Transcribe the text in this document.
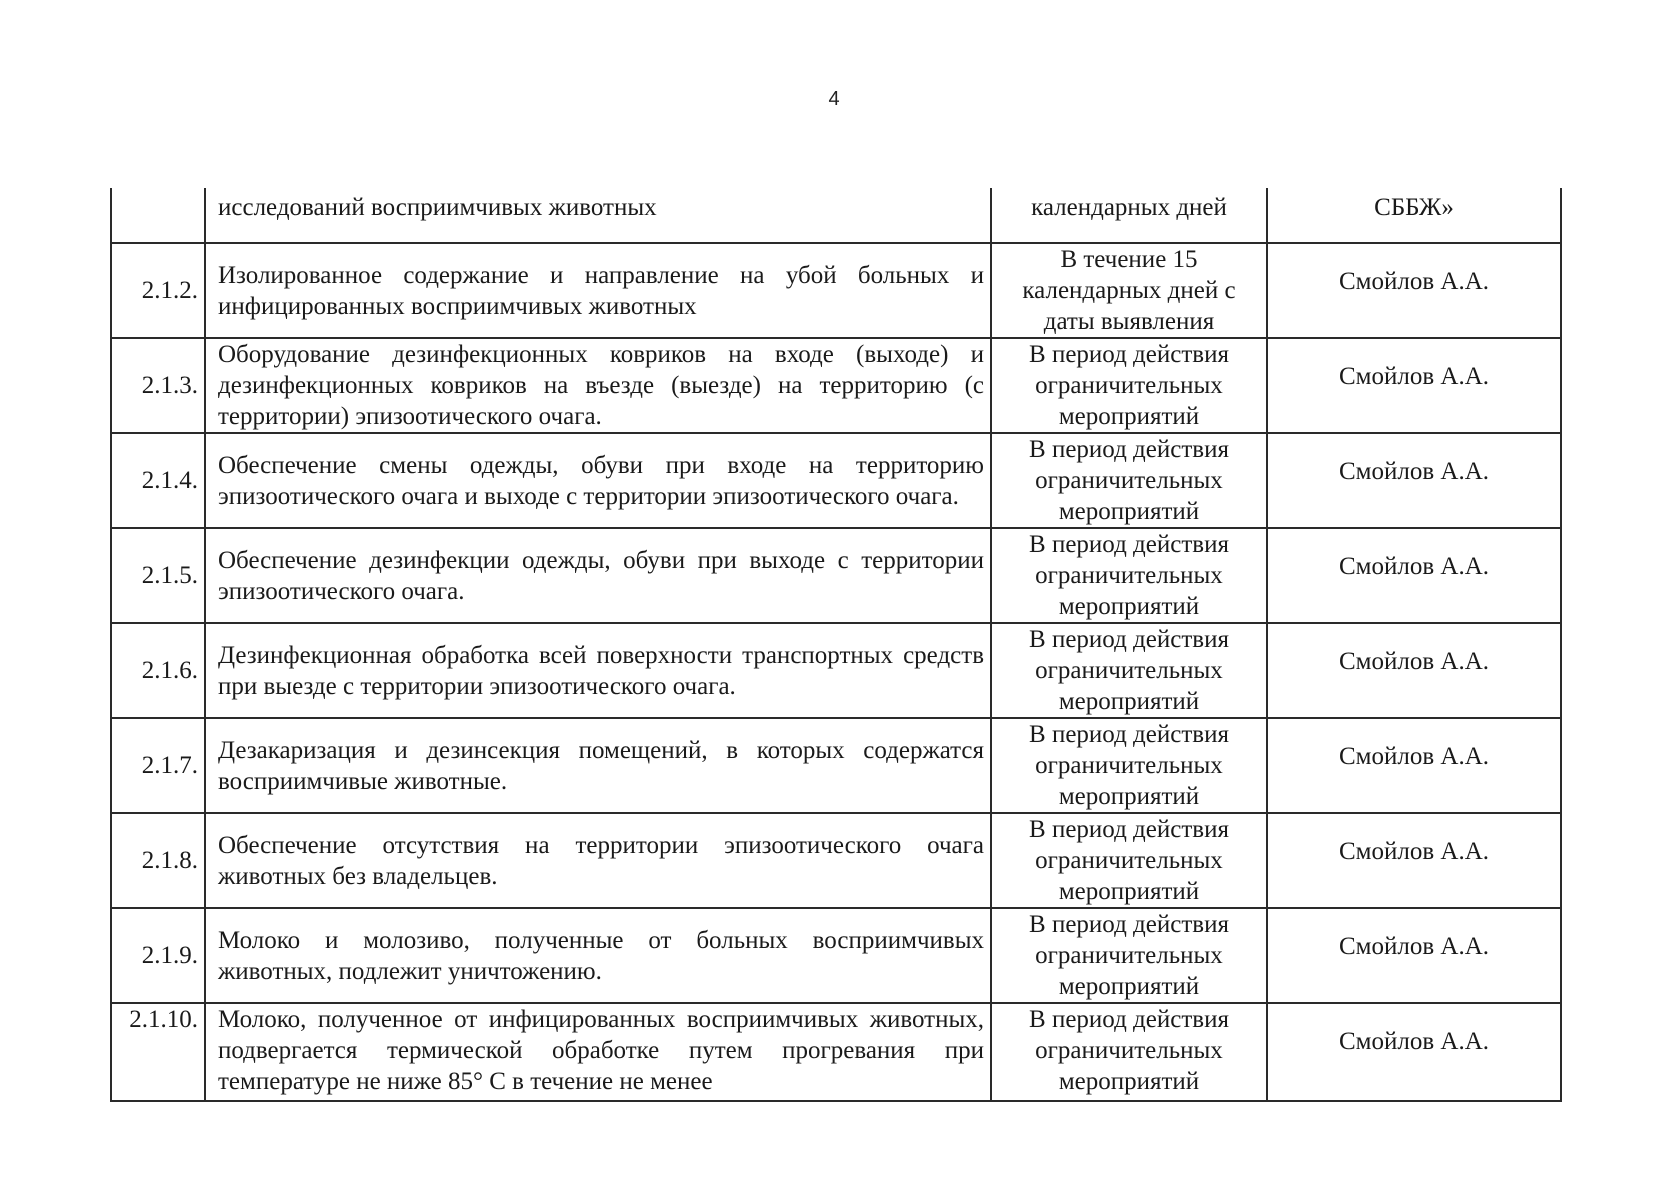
4
	исследований восприимчивых животных	календарных дней	СББЖ»
2.1.2.	Изолированное содержание и направление на убой больных и инфицированных восприимчивых животных	В течение 15 календарных дней с даты выявления	Смойлов А.А.
2.1.3.	Оборудование дезинфекционных ковриков на входе (выходе) и дезинфекционных ковриков на въезде (выезде) на территорию (с территории) эпизоотического очага.	В период действия ограничительных мероприятий	Смойлов А.А.
2.1.4.	Обеспечение смены одежды, обуви при входе на территорию эпизоотического очага и выходе с территории эпизоотического очага.	В период действия ограничительных мероприятий	Смойлов А.А.
2.1.5.	Обеспечение дезинфекции одежды, обуви при выходе с территории эпизоотического очага.	В период действия ограничительных мероприятий	Смойлов А.А.
2.1.6.	Дезинфекционная обработка всей поверхности транспортных средств при выезде с территории эпизоотического очага.	В период действия ограничительных мероприятий	Смойлов А.А.
2.1.7.	Дезакаризация и дезинсекция помещений, в которых содержатся восприимчивые животные.	В период действия ограничительных мероприятий	Смойлов А.А.
2.1.8.	Обеспечение отсутствия на территории эпизоотического очага животных без владельцев.	В период действия ограничительных мероприятий	Смойлов А.А.
2.1.9.	Молоко и молозиво, полученные от больных восприимчивых животных, подлежит уничтожению.	В период действия ограничительных мероприятий	Смойлов А.А.
2.1.10.	Молоко, полученное от инфицированных восприимчивых животных, подвергается термической обработке путем прогревания при температуре не ниже 85° С в течение не менее	В период действия ограничительных мероприятий	Смойлов А.А.
